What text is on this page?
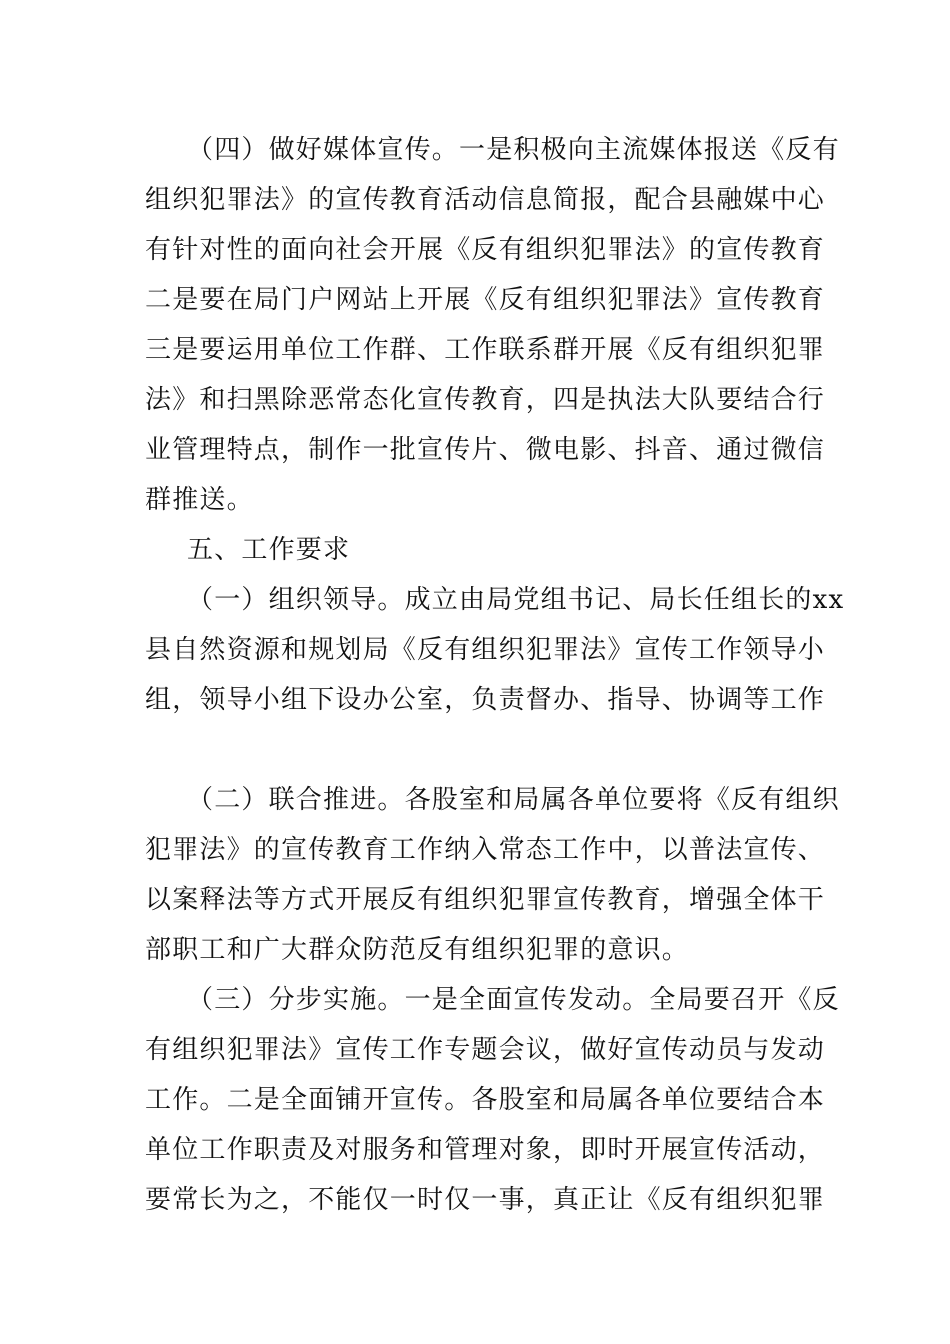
（四）做好媒体宣传。一是积极向主流媒体报送《反有
组织犯罪法》的宣传教育活动信息简报，配合县融媒中心
有针对性的面向社会开展《反有组织犯罪法》的宣传教育
二是要在局门户网站上开展《反有组织犯罪法》宣传教育
三是要运用单位工作群、工作联系群开展《反有组织犯罪
法》和扫黑除恶常态化宣传教育，四是执法大队要结合行
业管理特点，制作一批宣传片、微电影、抖音、通过微信
群推送。
五、工作要求
（一）组织领导。成立由局党组书记、局长任组长的xx
县自然资源和规划局《反有组织犯罪法》宣传工作领导小
组，领导小组下设办公室，负责督办、指导、协调等工作
（二）联合推进。各股室和局属各单位要将《反有组织
犯罪法》的宣传教育工作纳入常态工作中，以普法宣传、
以案释法等方式开展反有组织犯罪宣传教育，增强全体干
部职工和广大群众防范反有组织犯罪的意识。
（三）分步实施。一是全面宣传发动。全局要召开《反
有组织犯罪法》宣传工作专题会议，做好宣传动员与发动
工作。二是全面铺开宣传。各股室和局属各单位要结合本
单位工作职责及对服务和管理对象，即时开展宣传活动，
要常长为之，不能仅一时仅一事，真正让《反有组织犯罪
